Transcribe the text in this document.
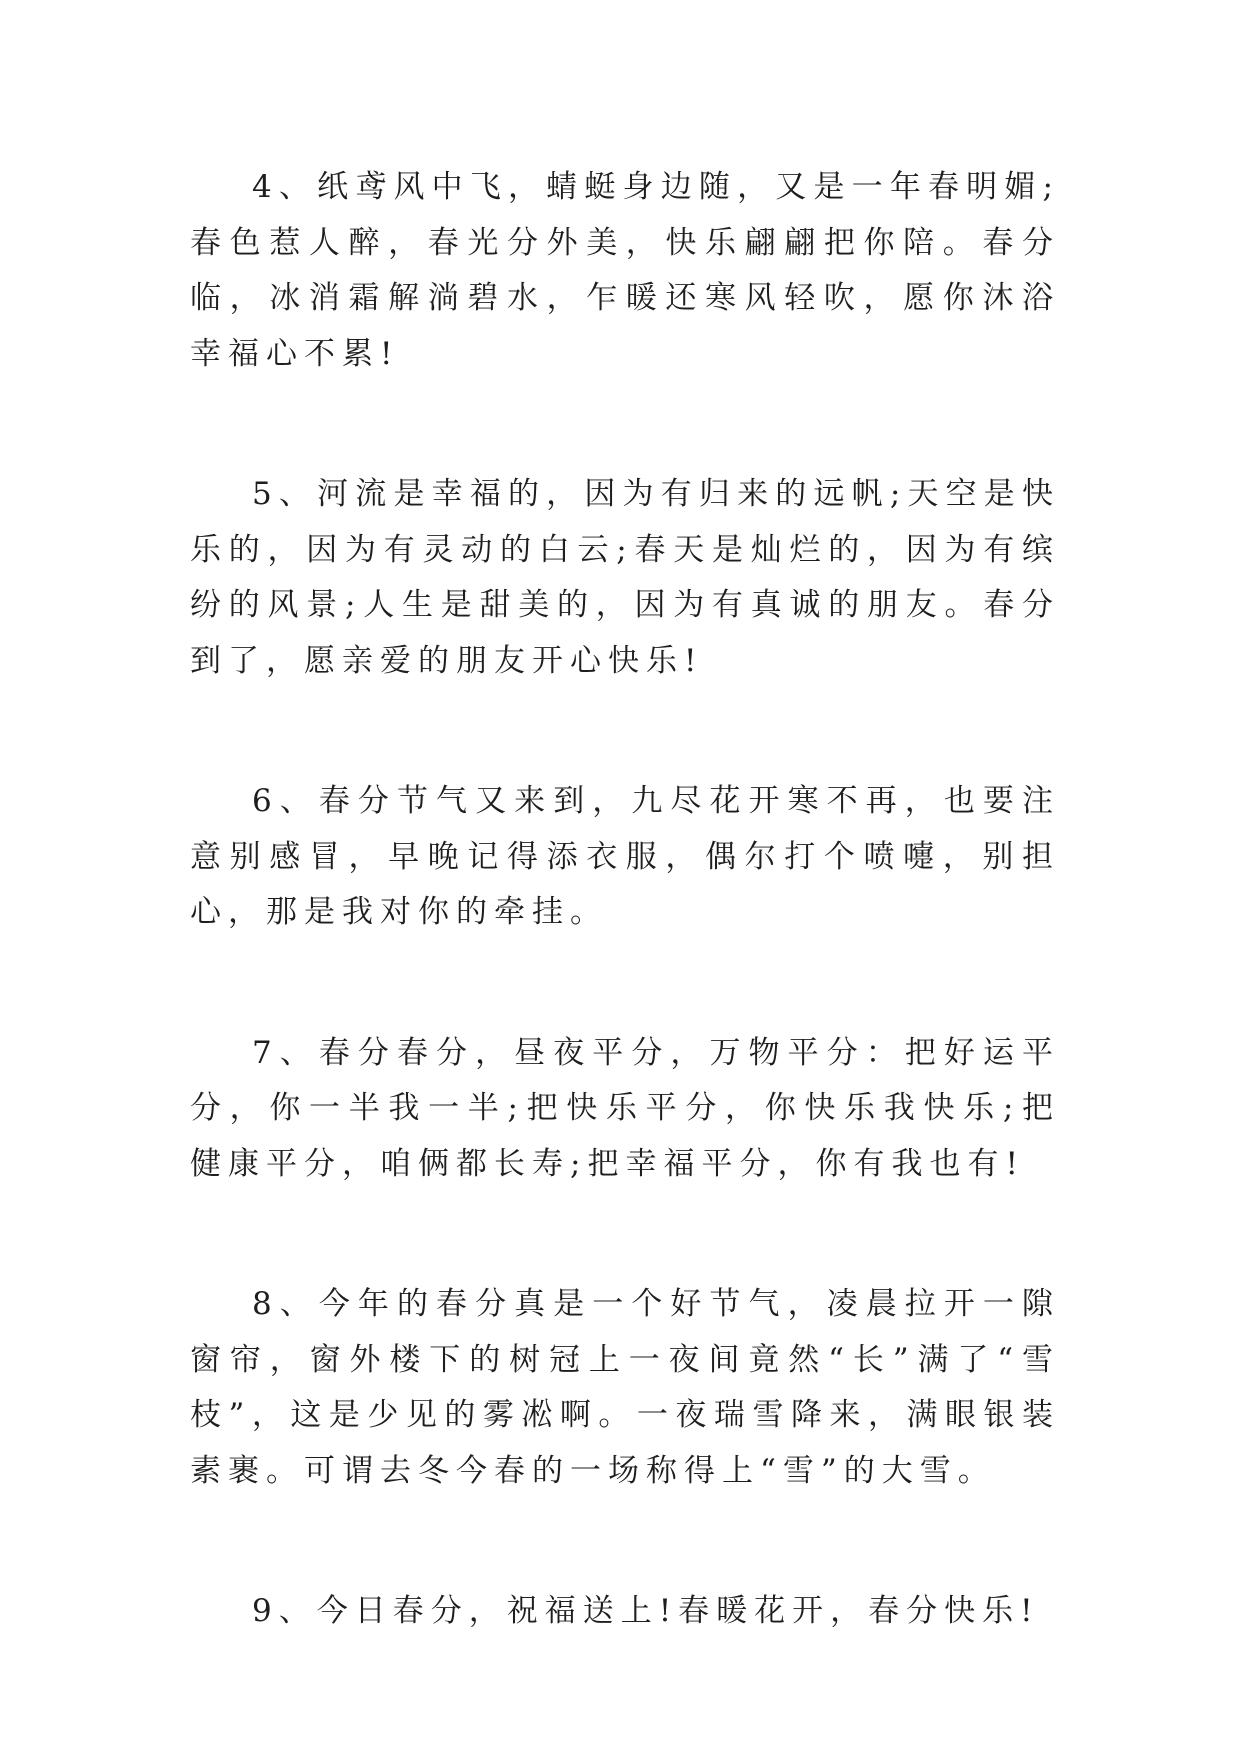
4、纸鸢风中飞，蜻蜓身边随，又是一年春明媚;春色惹人醉，春光分外美，快乐翩翩把你陪。春分临，冰消霜解淌碧水，乍暖还寒风轻吹，愿你沐浴幸福心不累!

5、河流是幸福的，因为有归来的远帆;天空是快乐的，因为有灵动的白云;春天是灿烂的，因为有缤纷的风景;人生是甜美的，因为有真诚的朋友。春分到了，愿亲爱的朋友开心快乐!

6、春分节气又来到，九尽花开寒不再，也要注意别感冒，早晚记得添衣服，偶尔打个喷嚏，别担心，那是我对你的牵挂。

7、春分春分，昼夜平分，万物平分：把好运平分，你一半我一半;把快乐平分，你快乐我快乐;把健康平分，咱俩都长寿;把幸福平分，你有我也有!

8、今年的春分真是一个好节气，凌晨拉开一隙窗帘，窗外楼下的树冠上一夜间竟然“长”满了“雪枝”，这是少见的雾凇啊。一夜瑞雪降来，满眼银装素裹。可谓去冬今春的一场称得上“雪”的大雪。

9、今日春分，祝福送上!春暖花开，春分快乐!
